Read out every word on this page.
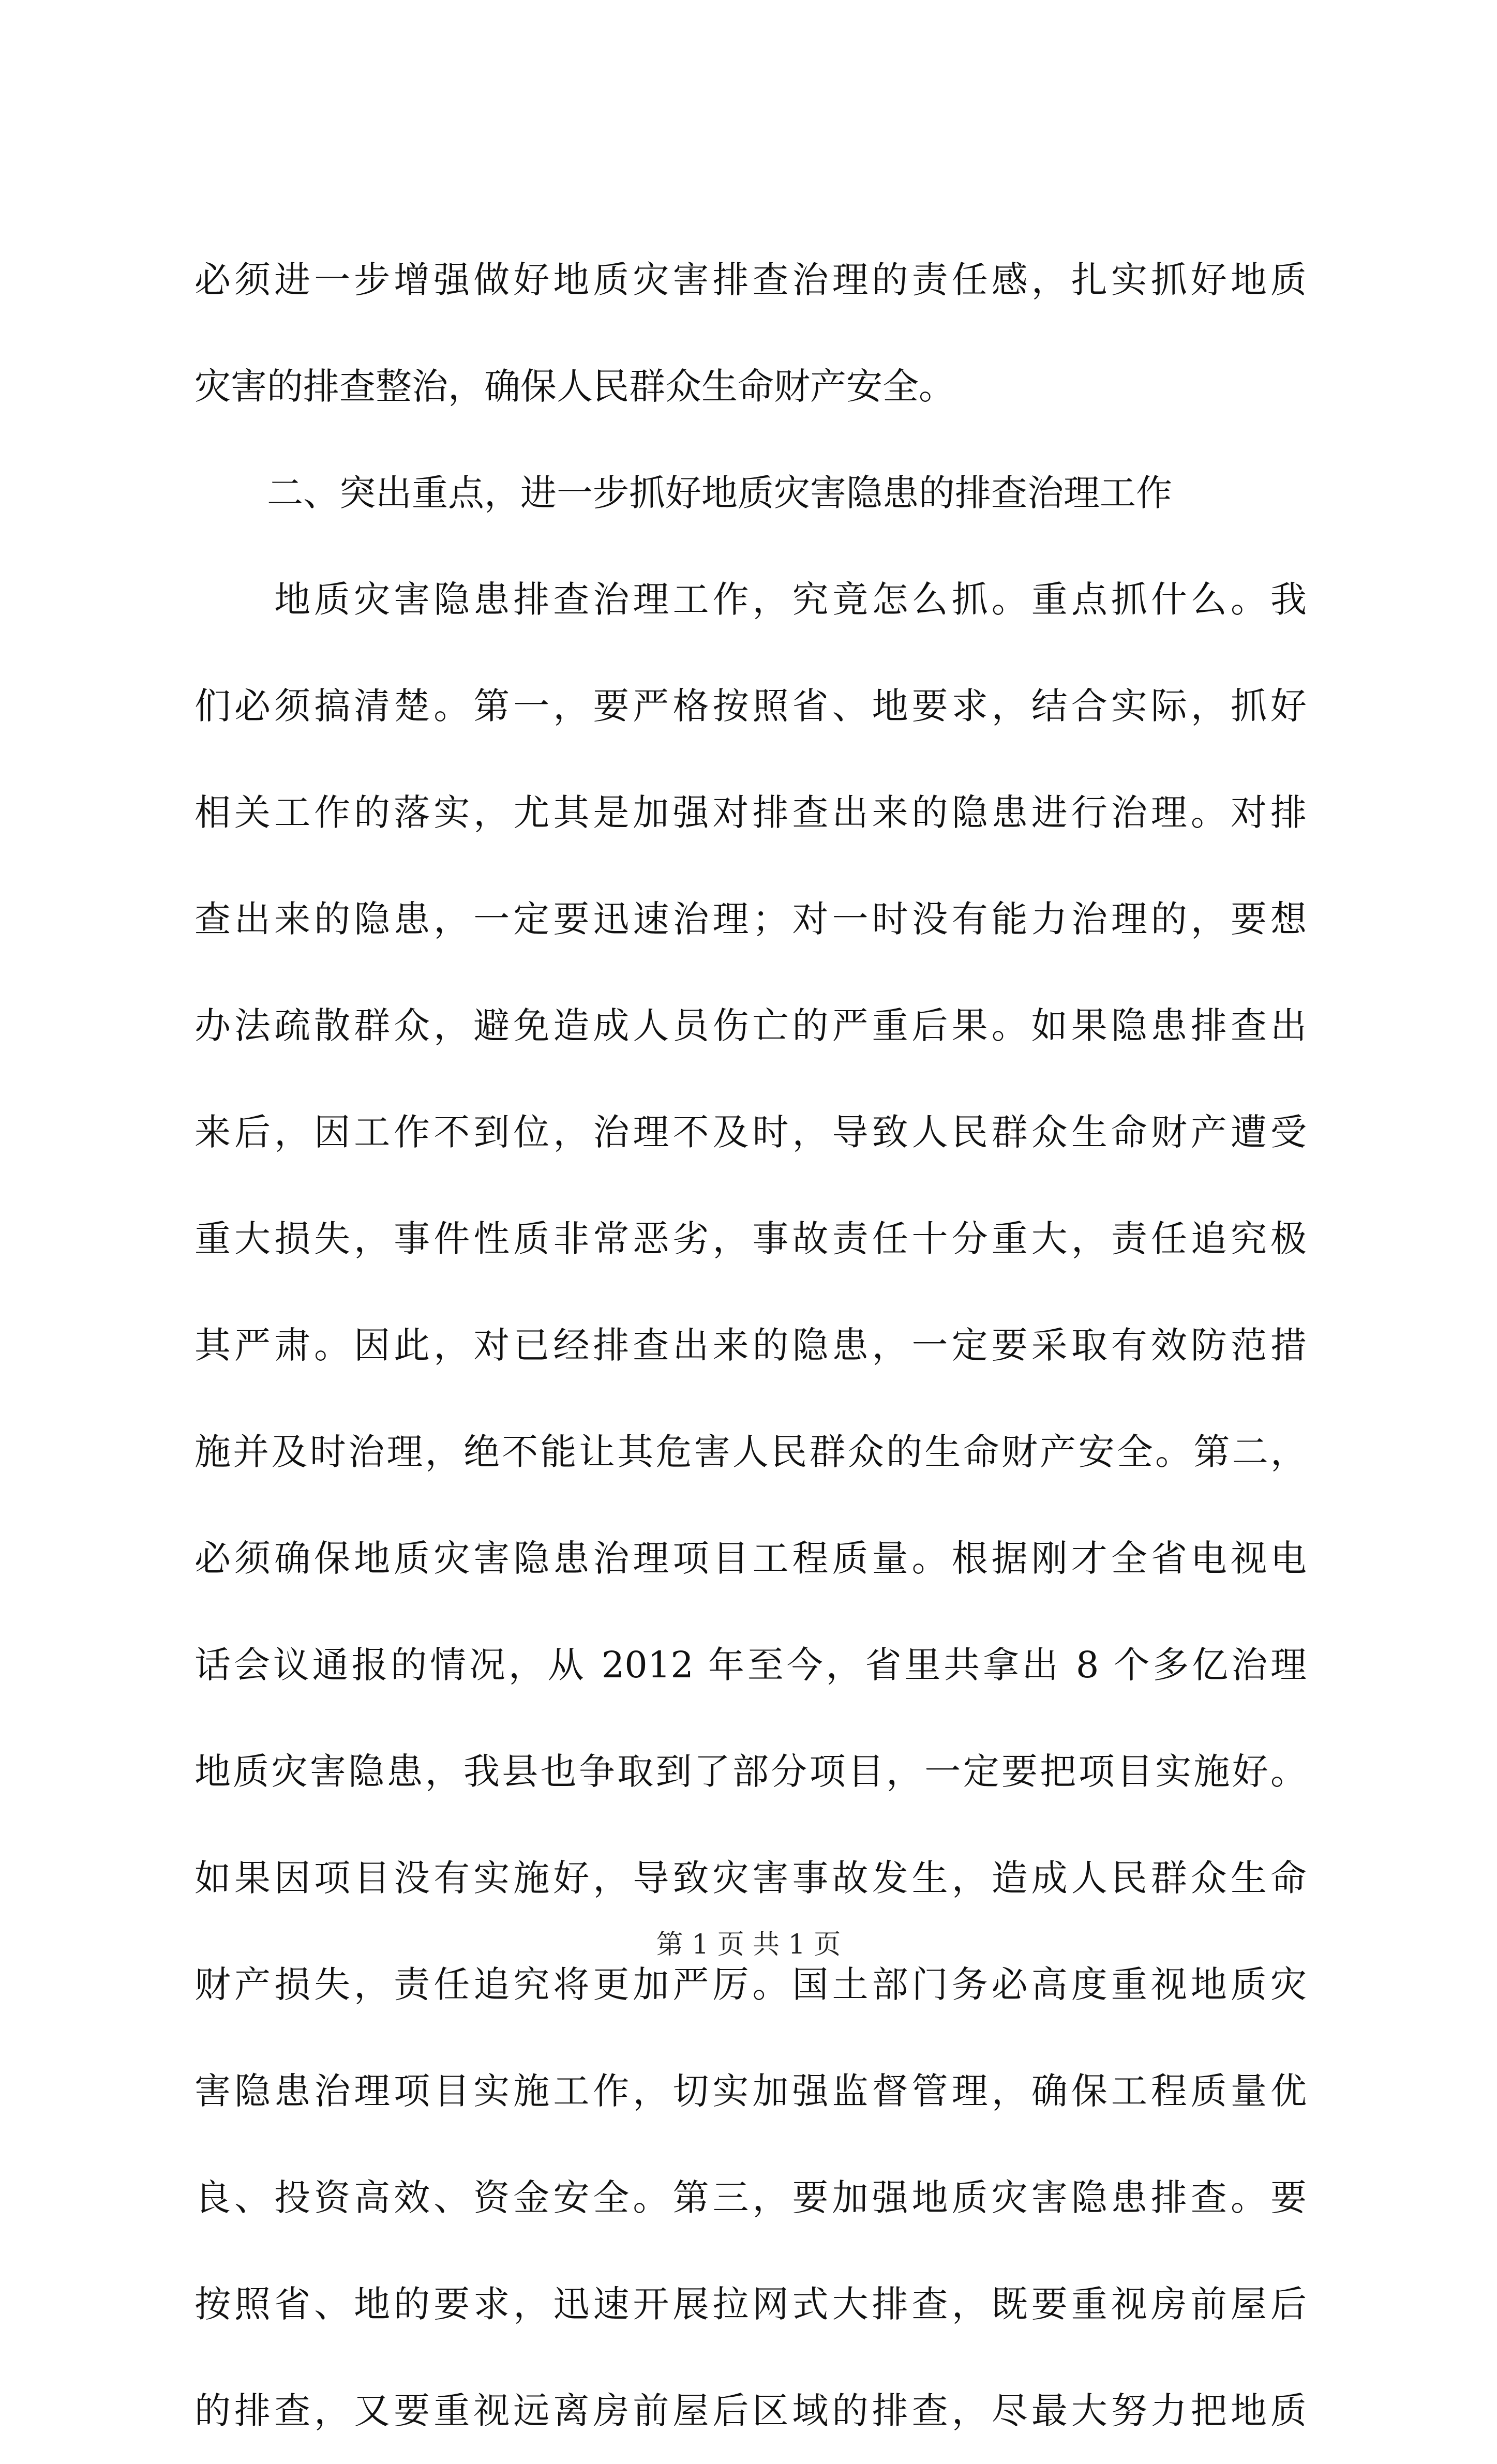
必须进一步增强做好地质灾害排查治理的责任感，扎实抓好地质
灾害的排查整治，确保人民群众生命财产安全。
　　二、突出重点，进一步抓好地质灾害隐患的排查治理工作
　　地质灾害隐患排查治理工作，究竟怎么抓。重点抓什么。我
们必须搞清楚。第一，要严格按照省、地要求，结合实际，抓好
相关工作的落实，尤其是加强对排查出来的隐患进行治理。对排
查出来的隐患，一定要迅速治理；对一时没有能力治理的，要想
办法疏散群众，避免造成人员伤亡的严重后果。如果隐患排查出
来后，因工作不到位，治理不及时，导致人民群众生命财产遭受
重大损失，事件性质非常恶劣，事故责任十分重大，责任追究极
其严肃。因此，对已经排查出来的隐患，一定要采取有效防范措
施并及时治理，绝不能让其危害人民群众的生命财产安全。第二，
必须确保地质灾害隐患治理项目工程质量。根据刚才全省电视电
话会议通报的情况，从 2012 年至今，省里共拿出 8 个多亿治理
地质灾害隐患，我县也争取到了部分项目，一定要把项目实施好。
如果因项目没有实施好，导致灾害事故发生，造成人民群众生命
财产损失，责任追究将更加严厉。国土部门务必高度重视地质灾
害隐患治理项目实施工作，切实加强监督管理，确保工程质量优
良、投资高效、资金安全。第三，要加强地质灾害隐患排查。要
按照省、地的要求，迅速开展拉网式大排查，既要重视房前屋后
的排查，又要重视远离房前屋后区域的排查，尽最大努力把地质
第 1 页 共 1 页
